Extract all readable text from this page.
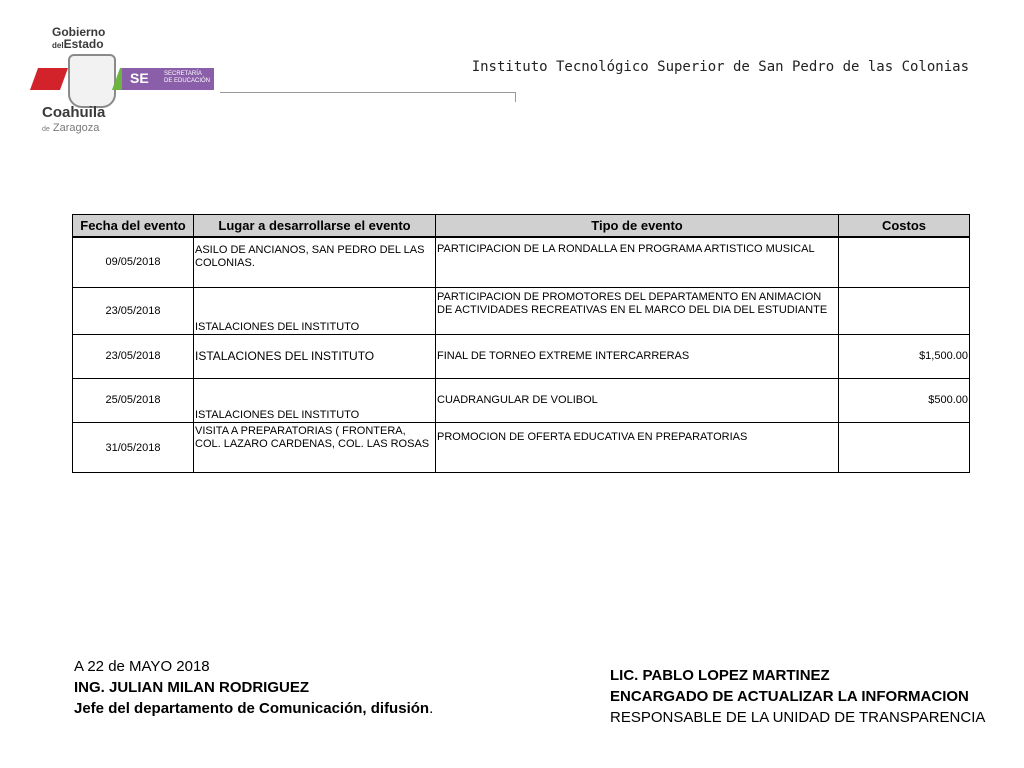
Gobierno
delEstado
SE	SECRETARÍA
DE EDUCACIÓN
Coahuila
de Zaragoza
Instituto Tecnológico Superior de San Pedro de las Colonias
Fecha del evento	Lugar a desarrollarse el evento	Tipo de evento	Costos
09/05/2018	ASILO DE ANCIANOS, SAN PEDRO DEL LAS COLONIAS.	PARTICIPACION DE LA RONDALLA EN PROGRAMA ARTISTICO MUSICAL	
23/05/2018	ISTALACIONES DEL INSTITUTO	PARTICIPACION DE PROMOTORES DEL DEPARTAMENTO EN ANIMACION DE ACTIVIDADES RECREATIVAS EN EL MARCO DEL DIA DEL ESTUDIANTE	
23/05/2018	ISTALACIONES DEL INSTITUTO	FINAL DE TORNEO EXTREME INTERCARRERAS	$1,500.00
25/05/2018	ISTALACIONES DEL INSTITUTO	CUADRANGULAR DE VOLIBOL	$500.00
31/05/2018	VISITA A PREPARATORIAS ( FRONTERA, COL. LAZARO CARDENAS, COL. LAS ROSAS	PROMOCION DE OFERTA EDUCATIVA EN PREPARATORIAS	
A 22 de MAYO 2018
ING. JULIAN MILAN RODRIGUEZ
Jefe del departamento de Comunicación, difusión.
LIC. PABLO LOPEZ MARTINEZ
ENCARGADO DE ACTUALIZAR LA INFORMACION
RESPONSABLE DE LA UNIDAD DE TRANSPARENCIA
